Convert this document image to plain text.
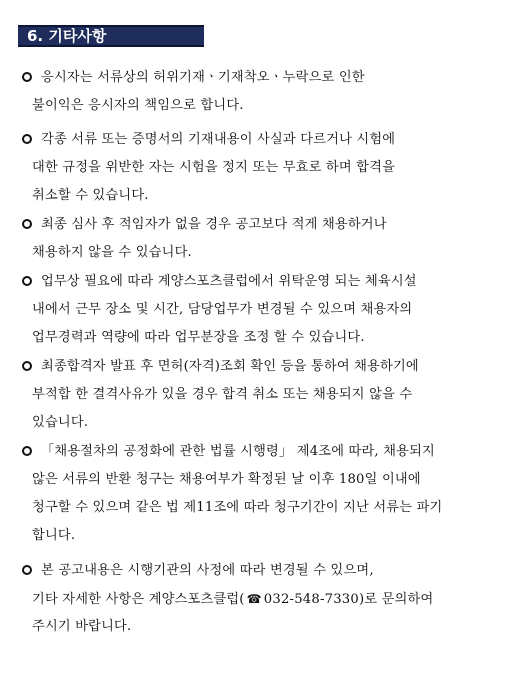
6. 기타사항
응시자는 서류상의 허위기재ㆍ기재착오ㆍ누락으로 인한
불이익은 응시자의 책임으로 합니다.
각종 서류 또는 증명서의 기재내용이 사실과 다르거나 시험에
대한 규정을 위반한 자는 시험을 정지 또는 무효로 하며 합격을
취소할 수 있습니다.
최종 심사 후 적임자가 없을 경우 공고보다 적게 채용하거나
채용하지 않을 수 있습니다.
업무상 필요에 따라 계양스포츠클럽에서 위탁운영 되는 체육시설
내에서 근무 장소 및 시간, 담당업무가 변경될 수 있으며 채용자의
업무경력과 역량에 따라 업무분장을 조정 할 수 있습니다.
최종합격자 발표 후 면허(자격)조회 확인 등을 통하여 채용하기에
부적합 한 결격사유가 있을 경우 합격 취소 또는 채용되지 않을 수
있습니다.
「채용절차의 공정화에 관한 법률 시행령」 제4조에 따라, 채용되지
않은 서류의 반환 청구는 채용여부가 확정된 날 이후 180일 이내에
청구할 수 있으며 같은 법 제11조에 따라 청구기간이 지난 서류는 파기
합니다.
본 공고내용은 시행기관의 사정에 따라 변경될 수 있으며,
기타 자세한 사항은 계양스포츠클럽( ☎ 032-548-7330)로 문의하여
주시기 바랍니다.
